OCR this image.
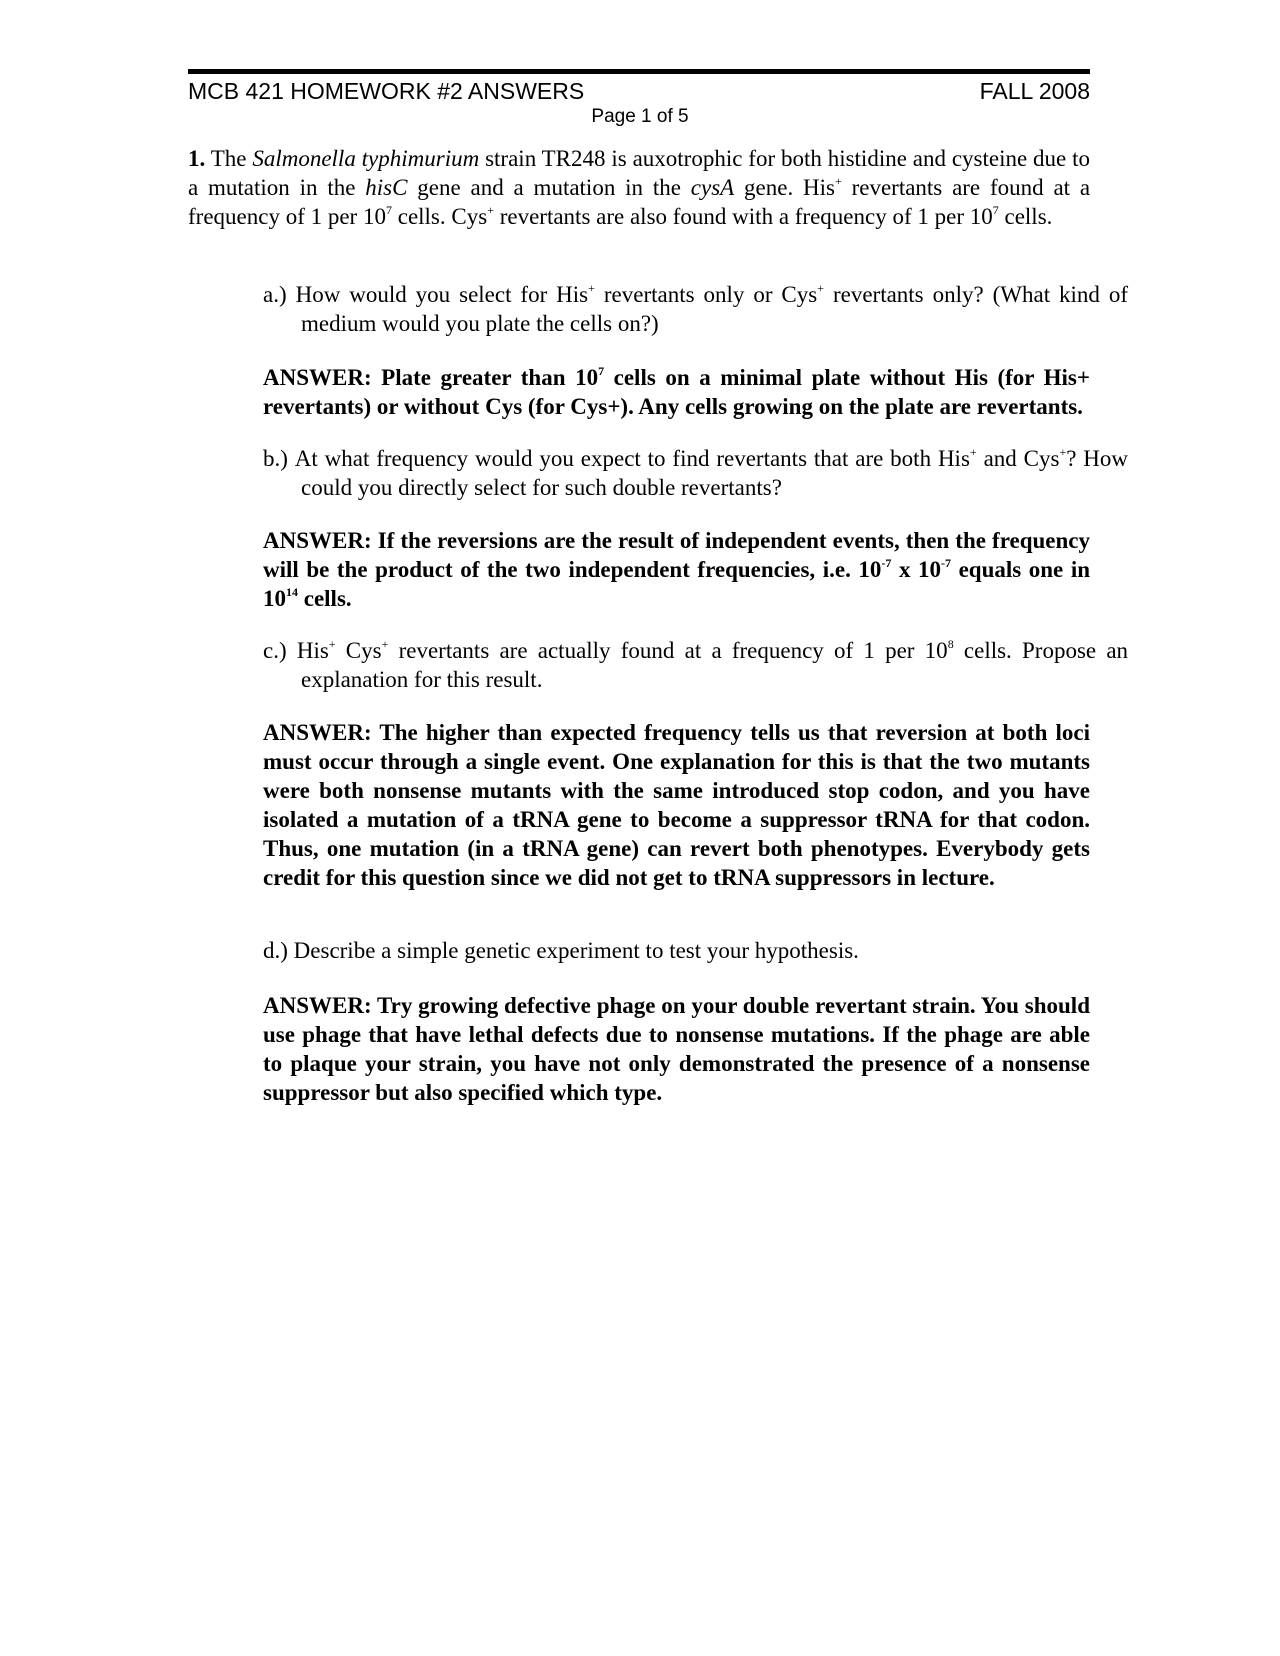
MCB 421 HOMEWORK #2 ANSWERS	FALL 2008
Page 1 of 5

1. The Salmonella typhimurium strain TR248 is auxotrophic for both histidine and cysteine due to a mutation in the hisC gene and a mutation in the cysA gene. His+ revertants are found at a frequency of 1 per $10^7$ cells. Cys+ revertants are also found with a frequency of 1 per $10^7$ cells.

a.) How would you select for His+ revertants only or Cys+ revertants only? (What kind of medium would you plate the cells on?)

ANSWER: Plate greater than $10^7$ cells on a minimal plate without His (for His+ revertants) or without Cys (for Cys+). Any cells growing on the plate are revertants.

b.) At what frequency would you expect to find revertants that are both His+ and Cys+? How could you directly select for such double revertants?

ANSWER: If the reversions are the result of independent events, then the frequency will be the product of the two independent frequencies, i.e. $10^{-7}$ x $10^{-7}$ equals one in $10^{14}$ cells.

c.) His+ Cys+ revertants are actually found at a frequency of 1 per $10^8$ cells. Propose an explanation for this result.

ANSWER: The higher than expected frequency tells us that reversion at both loci must occur through a single event. One explanation for this is that the two mutants were both nonsense mutants with the same introduced stop codon, and you have isolated a mutation of a tRNA gene to become a suppressor tRNA for that codon. Thus, one mutation (in a tRNA gene) can revert both phenotypes. Everybody gets credit for this question since we did not get to tRNA suppressors in lecture.

d.) Describe a simple genetic experiment to test your hypothesis.

ANSWER: Try growing defective phage on your double revertant strain. You should use phage that have lethal defects due to nonsense mutations. If the phage are able to plaque your strain, you have not only demonstrated the presence of a nonsense suppressor but also specified which type.
